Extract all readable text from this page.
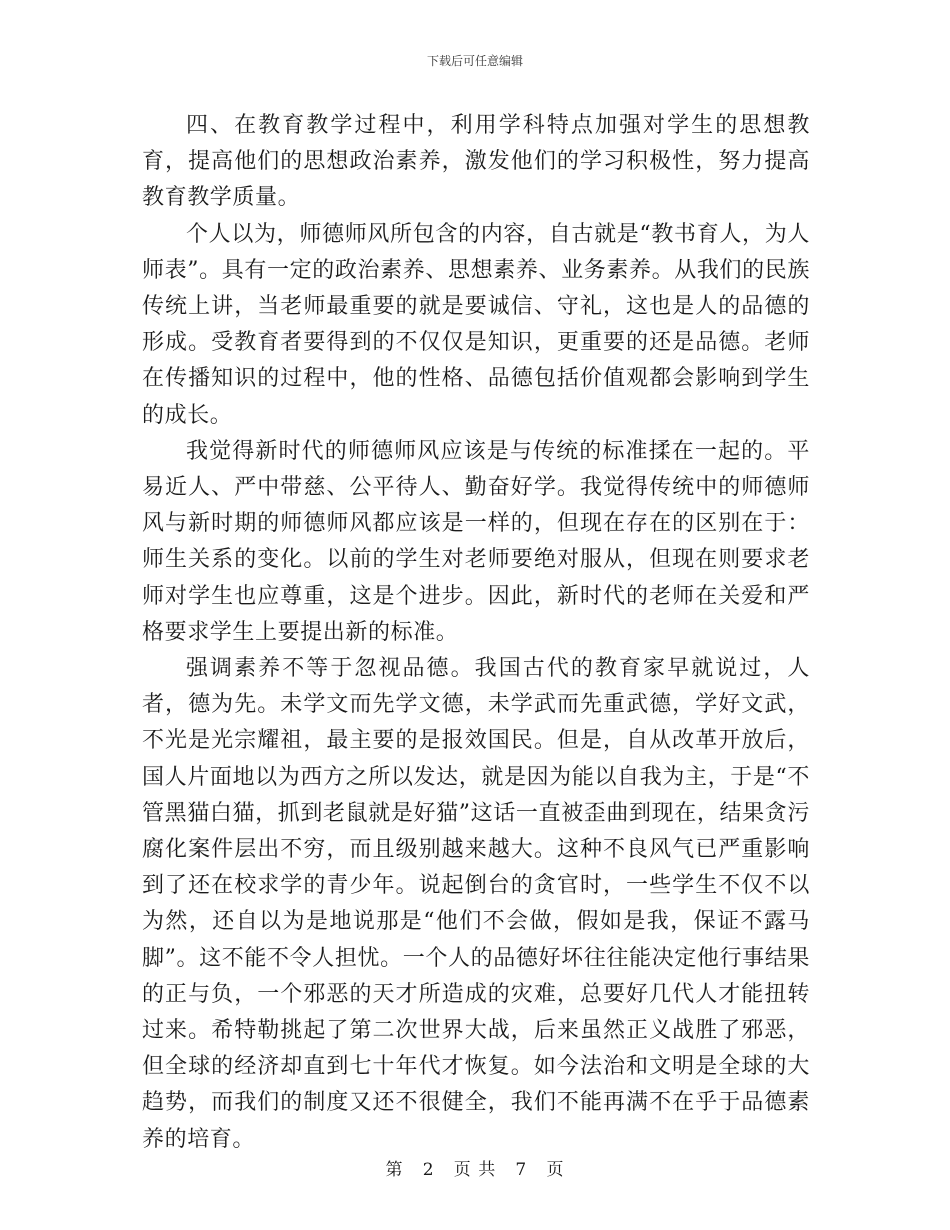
下载后可任意编辑

四、在教育教学过程中，利用学科特点加强对学生的思想教育，提高他们的思想政治素养，激发他们的学习积极性，努力提高教育教学质量。

个人以为，师德师风所包含的内容，自古就是“教书育人，为人师表”。具有一定的政治素养、思想素养、业务素养。从我们的民族传统上讲，当老师最重要的就是要诚信、守礼，这也是人的品德的形成。受教育者要得到的不仅仅是知识，更重要的还是品德。老师在传播知识的过程中，他的性格、品德包括价值观都会影响到学生的成长。

我觉得新时代的师德师风应该是与传统的标准揉在一起的。平易近人、严中带慈、公平待人、勤奋好学。我觉得传统中的师德师风与新时期的师德师风都应该是一样的，但现在存在的区别在于：师生关系的变化。以前的学生对老师要绝对服从，但现在则要求老师对学生也应尊重，这是个进步。因此，新时代的老师在关爱和严格要求学生上要提出新的标准。

强调素养不等于忽视品德。我国古代的教育家早就说过，人者，德为先。未学文而先学文德，未学武而先重武德，学好文武，不光是光宗耀祖，最主要的是报效国民。但是，自从改革开放后，国人片面地以为西方之所以发达，就是因为能以自我为主，于是“不管黑猫白猫，抓到老鼠就是好猫”这话一直被歪曲到现在，结果贪污腐化案件层出不穷，而且级别越来越大。这种不良风气已严重影响到了还在校求学的青少年。说起倒台的贪官时，一些学生不仅不以为然，还自以为是地说那是“他们不会做，假如是我，保证不露马脚”。这不能不令人担忧。一个人的品德好坏往往能决定他行事结果的正与负，一个邪恶的天才所造成的灾难，总要好几代人才能扭转过来。希特勒挑起了第二次世界大战，后来虽然正义战胜了邪恶，但全球的经济却直到七十年代才恢复。如今法治和文明是全球的大趋势，而我们的制度又还不很健全，我们不能再满不在乎于品德素养的培育。

第 2 页 共 7 页
